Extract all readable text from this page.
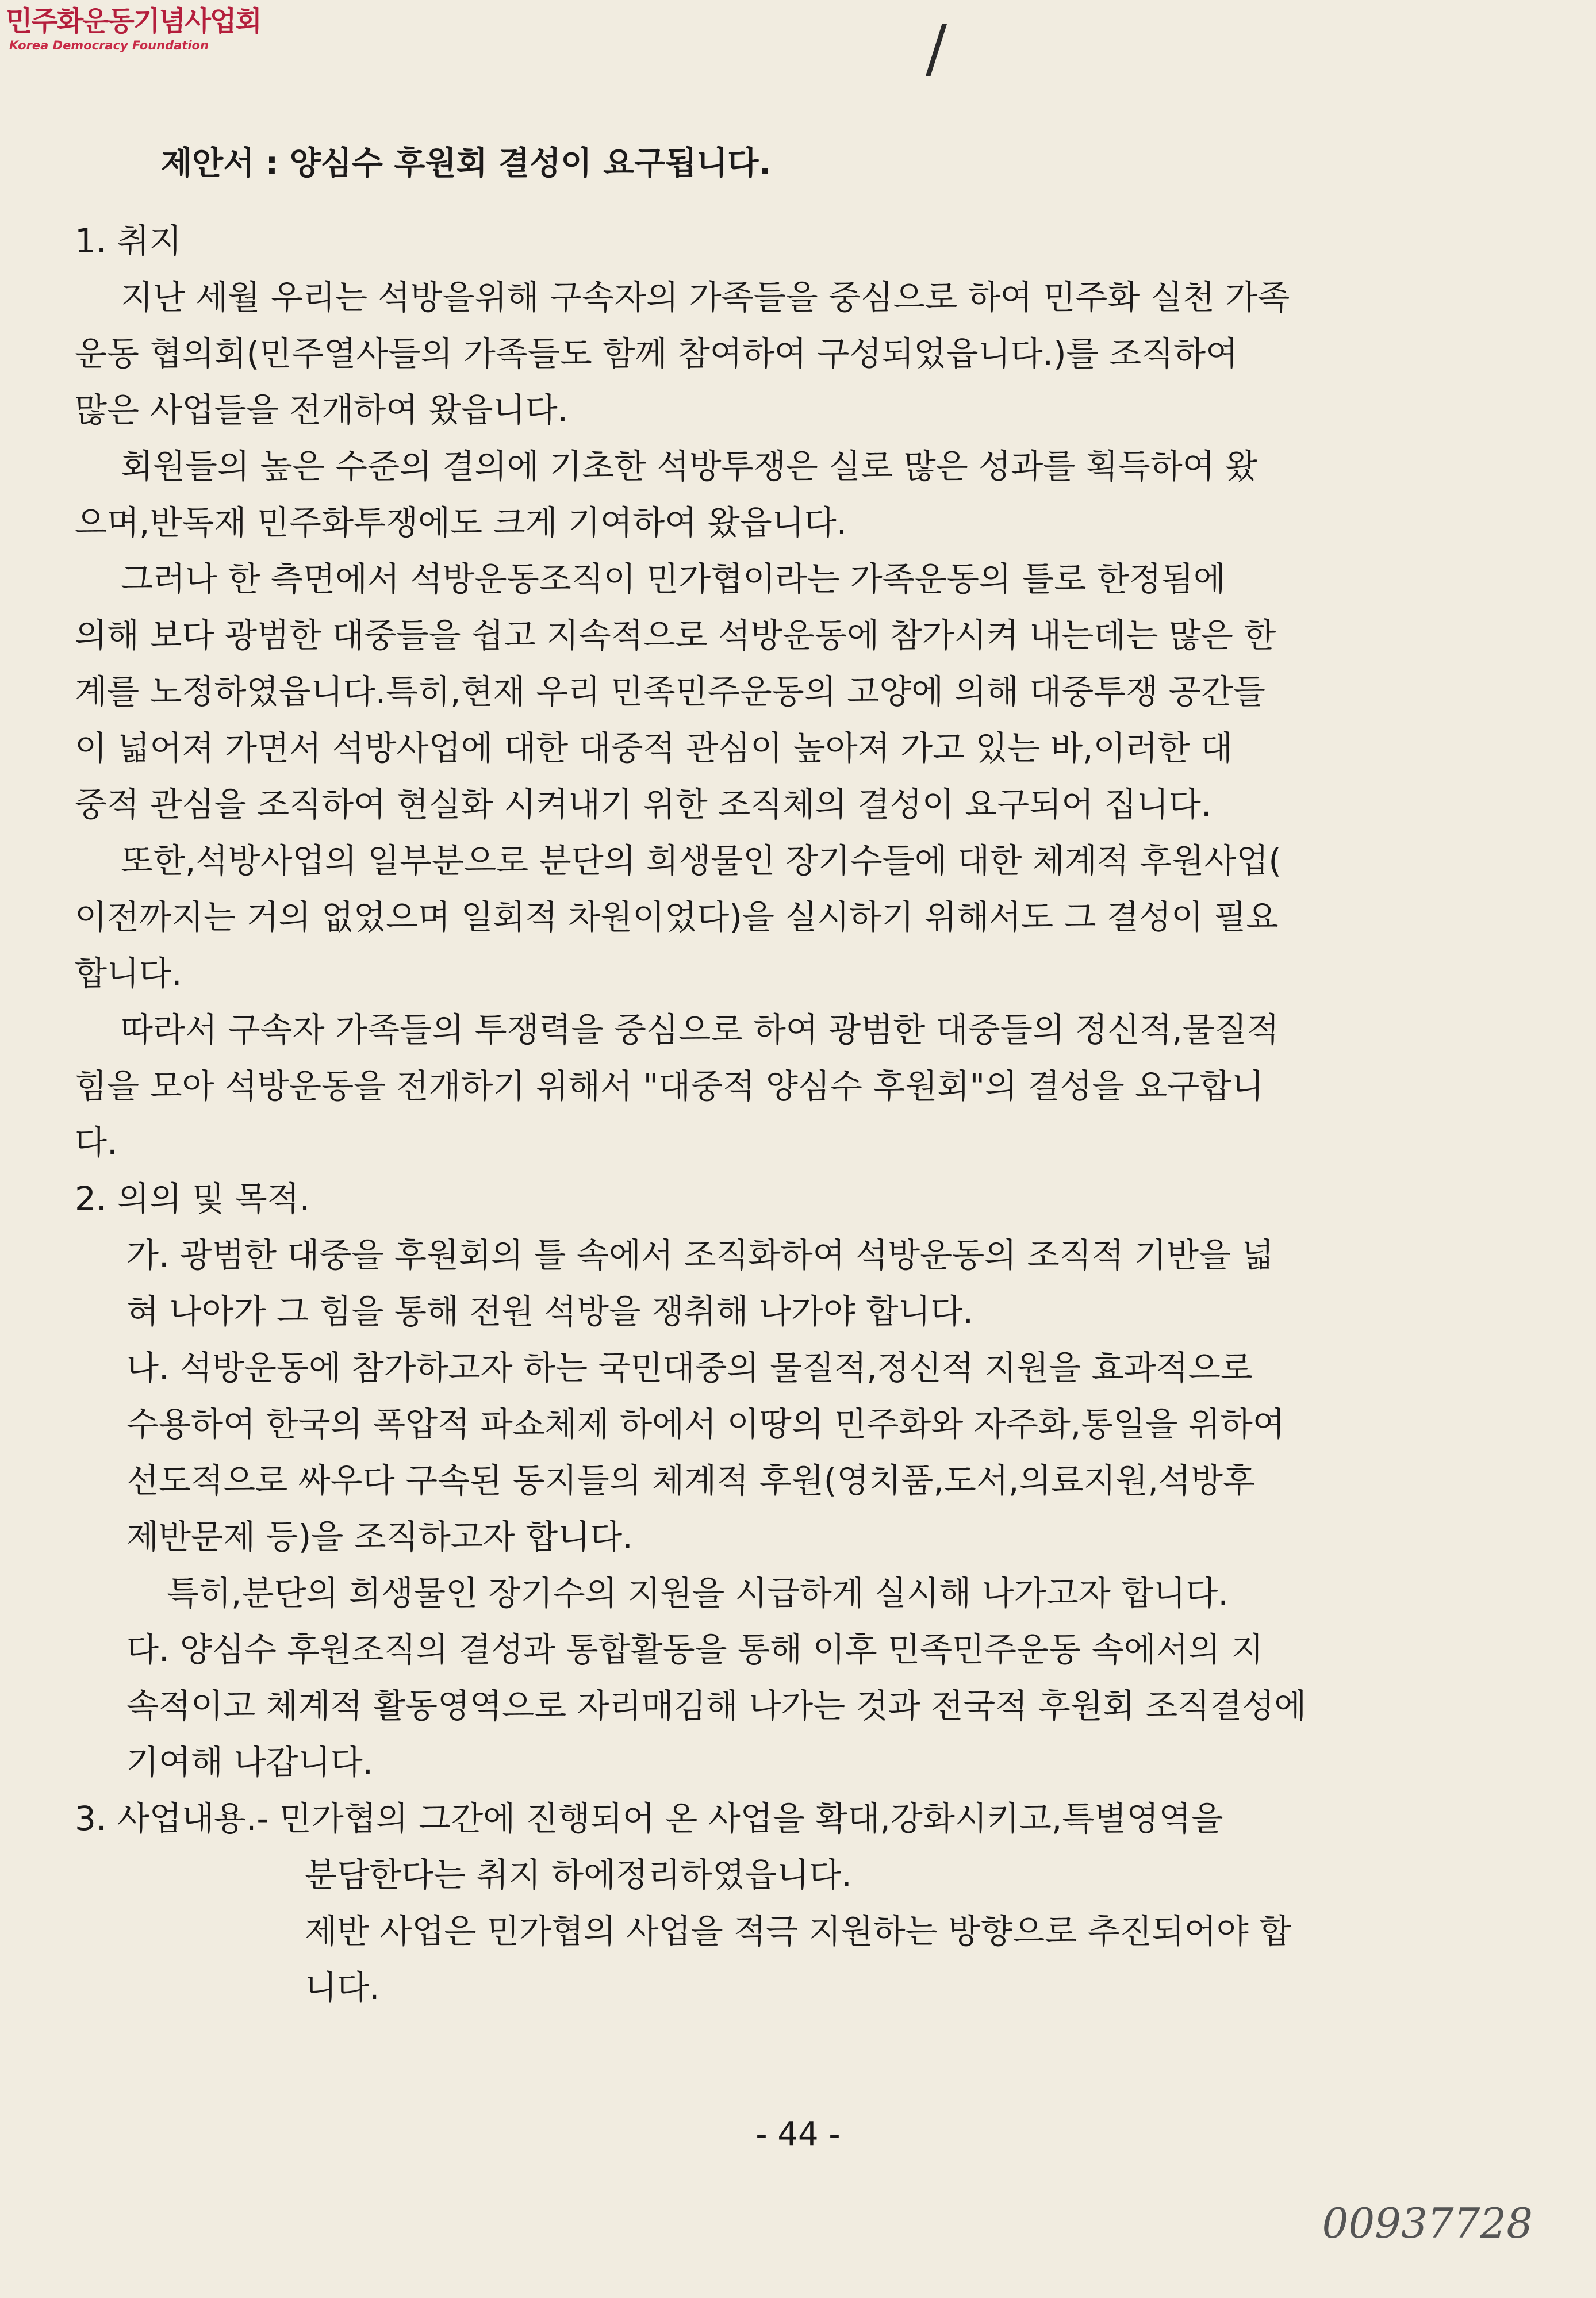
민주화운동기념사업회
Korea Democracy Foundation	/
제안서 : 양심수 후원회 결성이 요구됩니다.

1. 취지

지난 세월 우리는 석방을위해 구속자의 가족들을 중심으로 하여 민주화 실천 가족

운동 협의회(민주열사들의 가족들도 함께 참여하여 구성되었읍니다.)를 조직하여

많은 사업들을 전개하여 왔읍니다.

회원들의 높은 수준의 결의에 기초한 석방투쟁은 실로 많은 성과를 획득하여 왔

으며,반독재 민주화투쟁에도 크게 기여하여 왔읍니다.

그러나 한 측면에서 석방운동조직이 민가협이라는 가족운동의 틀로 한정됨에

의해 보다 광범한 대중들을 쉽고 지속적으로 석방운동에 참가시켜 내는데는 많은 한

계를 노정하였읍니다.특히,현재 우리 민족민주운동의 고양에 의해 대중투쟁 공간들

이 넓어져 가면서 석방사업에 대한 대중적 관심이 높아져 가고 있는 바,이러한 대

중적 관심을 조직하여 현실화 시켜내기 위한 조직체의 결성이 요구되어 집니다.

또한,석방사업의 일부분으로 분단의 희생물인 장기수들에 대한 체계적 후원사업(

이전까지는 거의 없었으며 일회적 차원이었다)을 실시하기 위해서도 그 결성이 필요

합니다.

따라서 구속자 가족들의 투쟁력을 중심으로 하여 광범한 대중들의 정신적,물질적

힘을 모아 석방운동을 전개하기 위해서 "대중적 양심수 후원회"의 결성을 요구합니

다.

2. 의의 및 목적.

가. 광범한 대중을 후원회의 틀 속에서 조직화하여 석방운동의 조직적 기반을 넓

혀 나아가 그 힘을 통해 전원 석방을 쟁취해 나가야 합니다.

나. 석방운동에 참가하고자 하는 국민대중의 물질적,정신적 지원을 효과적으로

수용하여 한국의 폭압적 파쇼체제 하에서 이땅의 민주화와 자주화,통일을 위하여

선도적으로 싸우다 구속된 동지들의 체계적 후원(영치품,도서,의료지원,석방후

제반문제 등)을 조직하고자 합니다.

특히,분단의 희생물인 장기수의 지원을 시급하게 실시해 나가고자 합니다.

다. 양심수 후원조직의 결성과 통합활동을 통해 이후 민족민주운동 속에서의 지

속적이고 체계적 활동영역으로 자리매김해 나가는 것과 전국적 후원회 조직결성에

기여해 나갑니다.

3. 사업내용.- 민가협의 그간에 진행되어 온 사업을 확대,강화시키고,특별영역을

분담한다는 취지 하에정리하였읍니다.

제반 사업은 민가협의 사업을 적극 지원하는 방향으로 추진되어야 합

니다.

- 44 -
00937728
